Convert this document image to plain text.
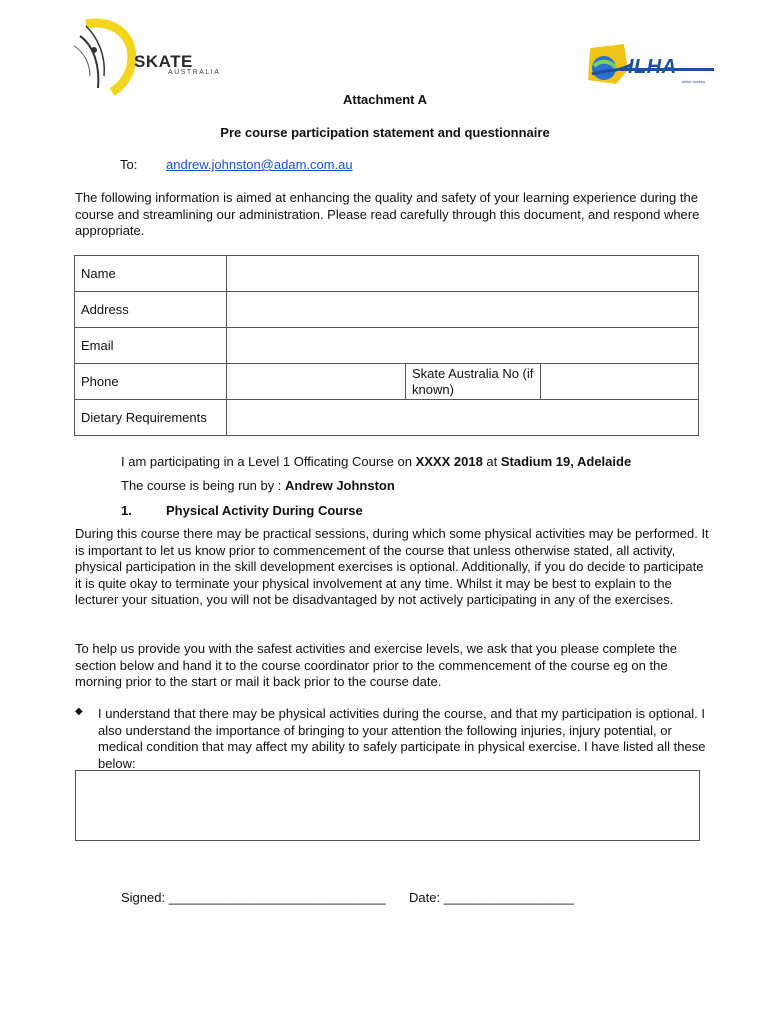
SKATE
AUSTRALIA	ILHA
inline hockey
Attachment A
Pre course participation statement and questionnaire
To: andrew.johnston@adam.com.au
The following information is aimed at enhancing the quality and safety of your learning experience during the course and streamlining our administration. Please read carefully through this document, and respond where appropriate.
Name			
Address			
Email			
Phone		Skate Australia No (if known)	
Dietary Requirements			
I am participating in a Level 1 Officating Course on XXXX 2018 at Stadium 19, Adelaide
The course is being run by : Andrew Johnston
1.	Physical Activity During Course
During this course there may be practical sessions, during which some physical activities may be performed. It is important to let us know prior to commencement of the course that unless otherwise stated, all activity, physical participation in the skill development exercises is optional. Additionally, if you do decide to participate it is quite okay to terminate your physical involvement at any time. Whilst it may be best to explain to the lecturer your situation, you will not be disadvantaged by not actively participating in any of the exercises.
To help us provide you with the safest activities and exercise levels, we ask that you please complete the section below and hand it to the course coordinator prior to the commencement of the course eg on the morning prior to the start or mail it back prior to the course date.
◆ I understand that there may be physical activities during the course, and that my participation is optional. I also understand the importance of bringing to your attention the following injuries, injury potential, or medical condition that may affect my ability to safely participate in physical exercise. I have listed all these below:
Signed: ______________________________ Date: __________________
